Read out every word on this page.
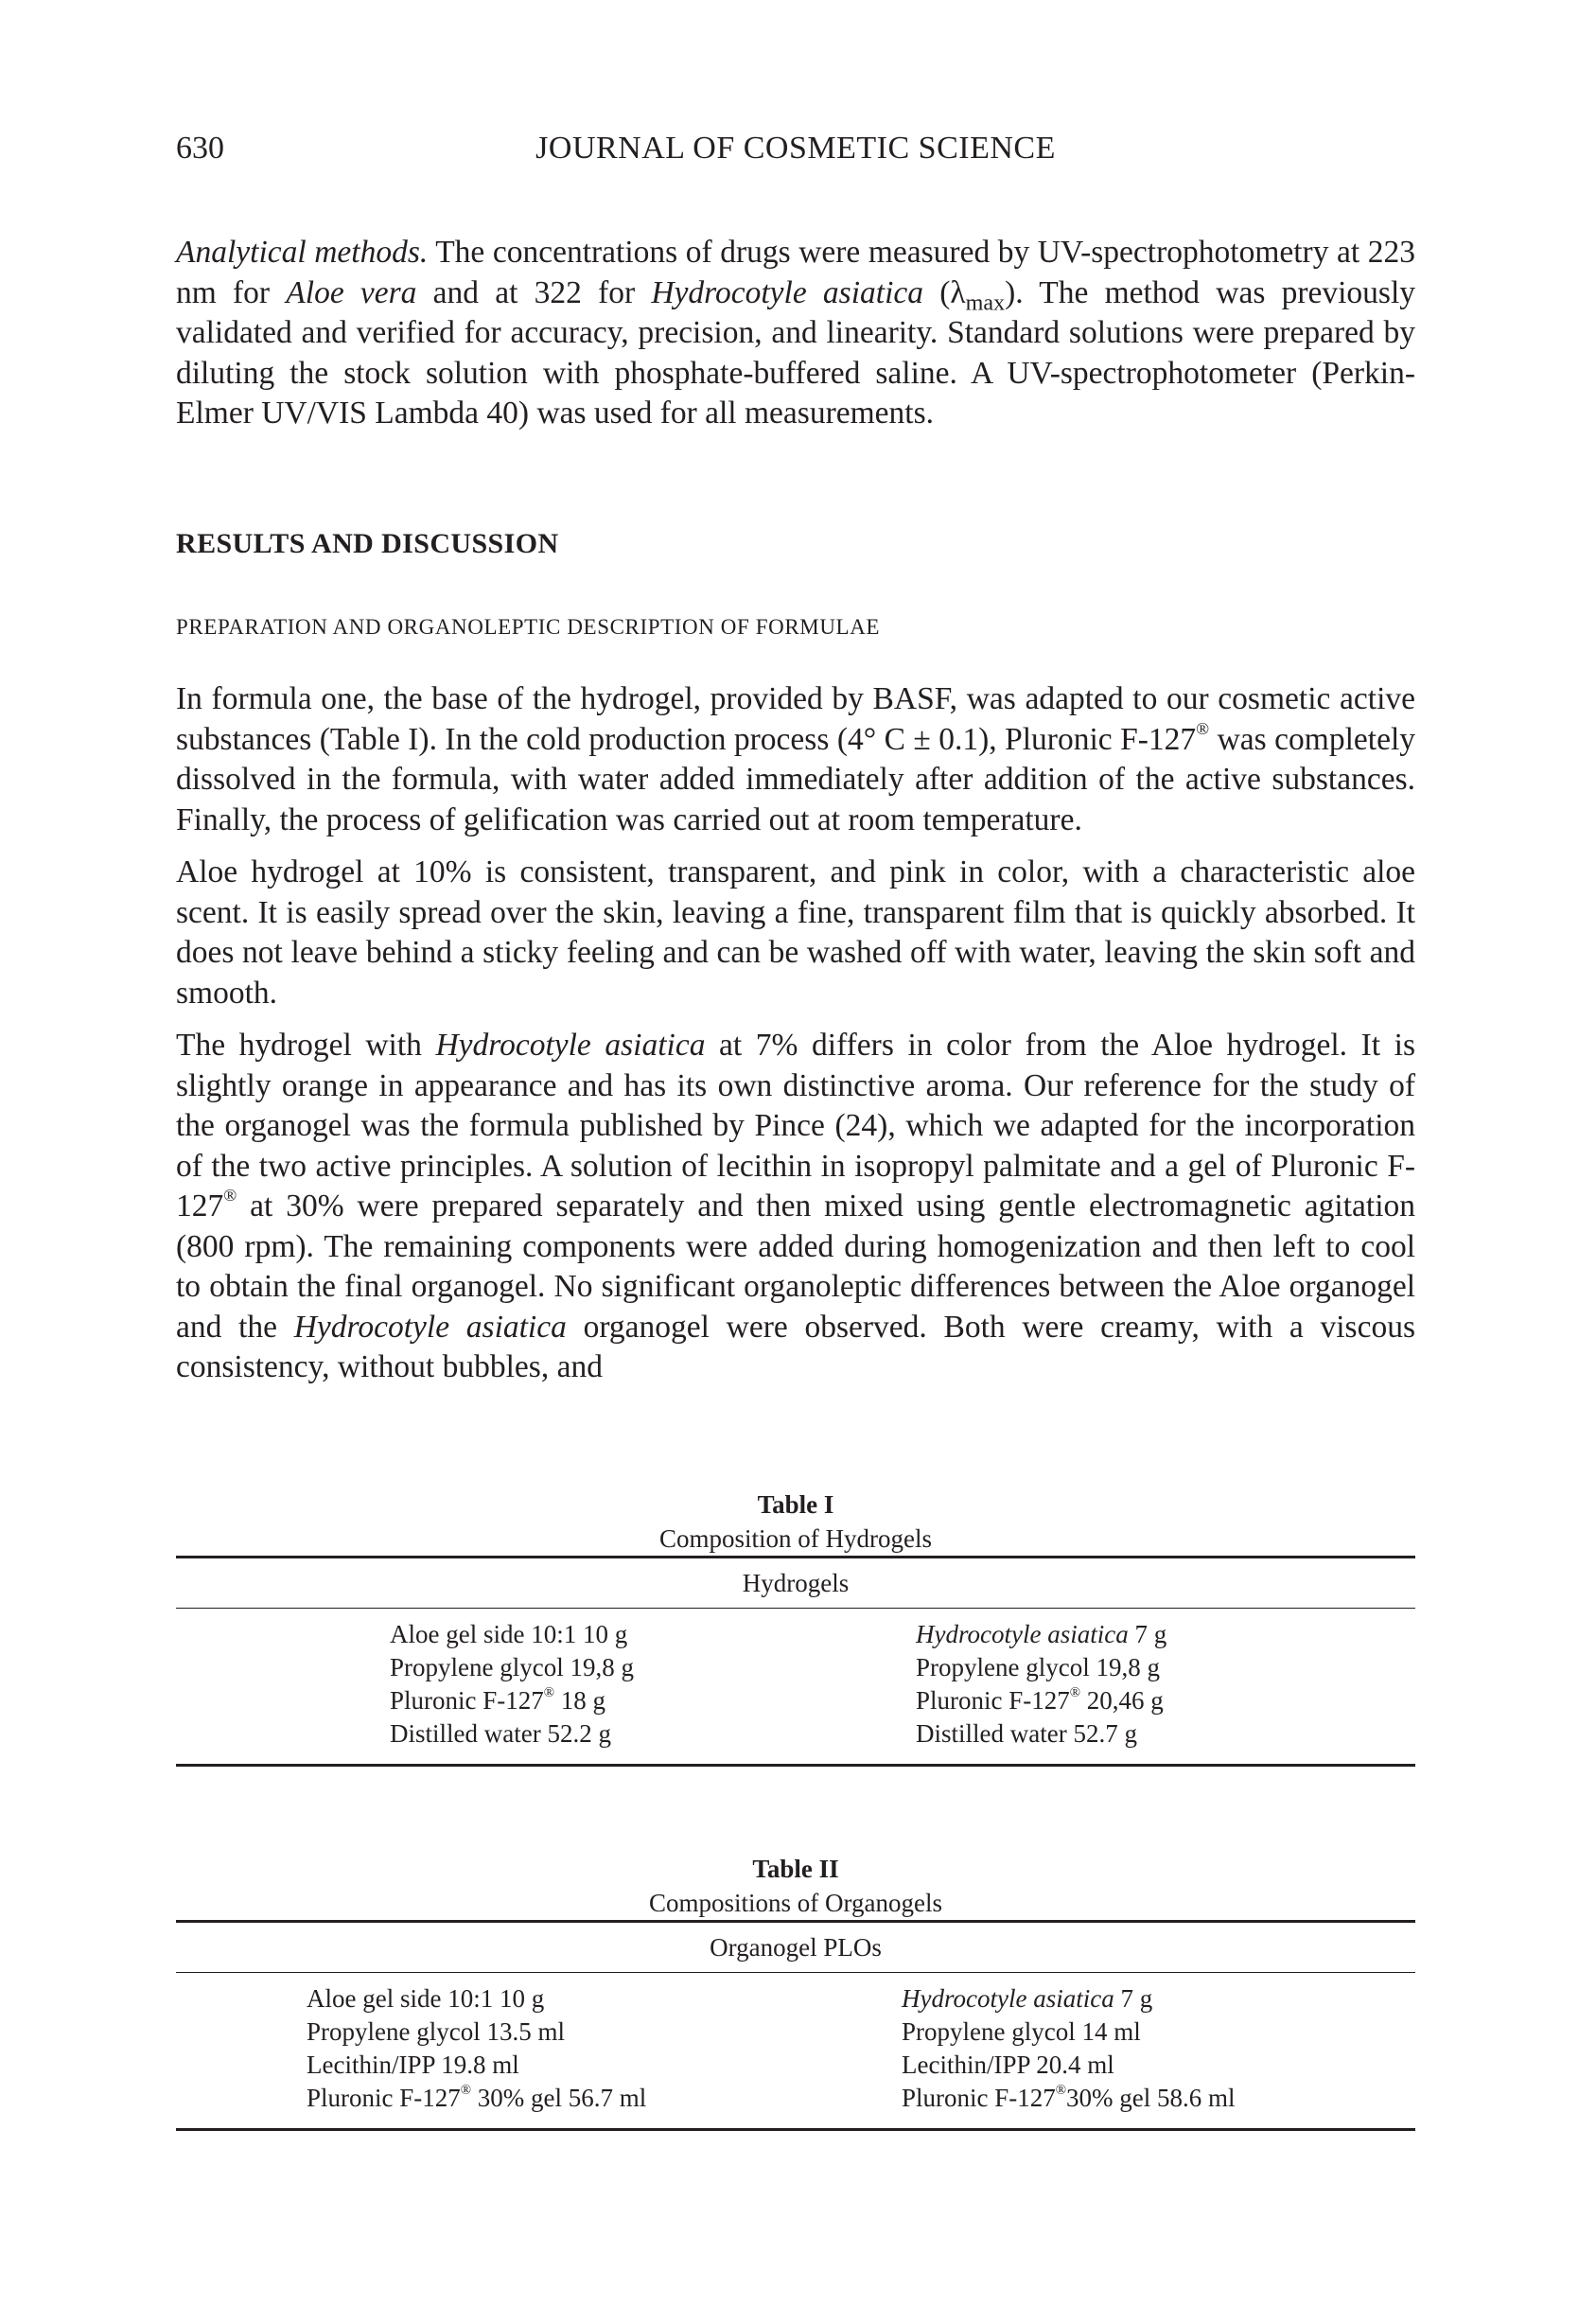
630	JOURNAL OF COSMETIC SCIENCE

Analytical methods. The concentrations of drugs were measured by UV-spectrophotometry at 223 nm for Aloe vera and at 322 for Hydrocotyle asiatica $(\lambda_{max})$. The method was previously validated and verified for accuracy, precision, and linearity. Standard solutions were prepared by diluting the stock solution with phosphate-buffered saline. A UV-spectrophotometer (Perkin-Elmer UV/VIS Lambda 40) was used for all measurements.

RESULTS AND DISCUSSION
PREPARATION AND ORGANOLEPTIC DESCRIPTION OF FORMULAE

In formula one, the base of the hydrogel, provided by BASF, was adapted to our cosmetic active substances (Table I). In the cold production process (4° C ± 0.1), Pluronic F-127® was completely dissolved in the formula, with water added immediately after addition of the active substances. Finally, the process of gelification was carried out at room temperature.

Aloe hydrogel at 10% is consistent, transparent, and pink in color, with a characteristic aloe scent. It is easily spread over the skin, leaving a fine, transparent film that is quickly absorbed. It does not leave behind a sticky feeling and can be washed off with water, leaving the skin soft and smooth.

The hydrogel with Hydrocotyle asiatica at 7% differs in color from the Aloe hydrogel. It is slightly orange in appearance and has its own distinctive aroma. Our reference for the study of the organogel was the formula published by Pince (24), which we adapted for the incorporation of the two active principles. A solution of lecithin in isopropyl palmitate and a gel of Pluronic F-127® at 30% were prepared separately and then mixed using gentle electromagnetic agitation (800 rpm). The remaining components were added during homogenization and then left to cool to obtain the final organogel. No significant organoleptic differences between the Aloe organogel and the Hydrocotyle asiatica organogel were observed. Both were creamy, with a viscous consistency, without bubbles, and

Table I
Composition of Hydrogels
Hydrogels
Aloe gel side 10:1 10 g
Propylene glycol 19,8 g
Pluronic F-127® 18 g
Distilled water 52.2 g
Hydrocotyle asiatica 7 g
Propylene glycol 19,8 g
Pluronic F-127® 20,46 g
Distilled water 52.7 g
Table II
Compositions of Organogels
Organogel PLOs
Aloe gel side 10:1 10 g
Propylene glycol 13.5 ml
Lecithin/IPP 19.8 ml
Pluronic F-127® 30% gel 56.7 ml
Hydrocotyle asiatica 7 g
Propylene glycol 14 ml
Lecithin/IPP 20.4 ml
Pluronic F-127®30% gel 58.6 ml
